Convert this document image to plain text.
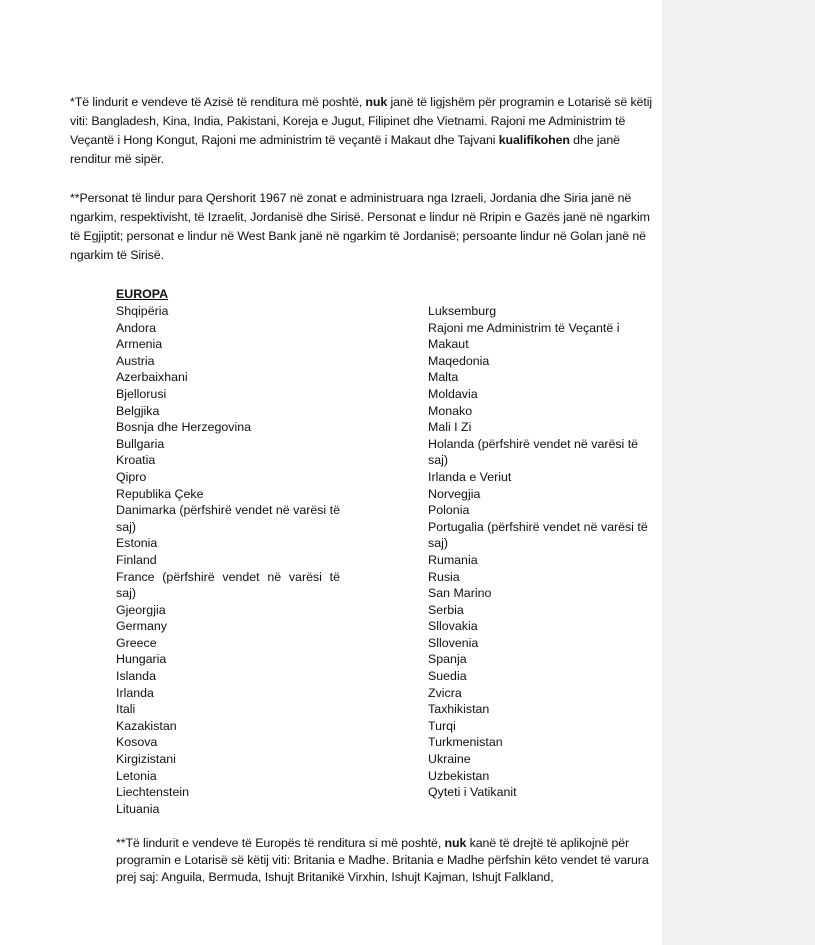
*Të lindurit e vendeve të Azisë të renditura më poshtë, nuk janë të ligjshëm për programin e Lotarisë së këtij viti: Bangladesh, Kina, India, Pakistani, Koreja e Jugut, Filipinet dhe Vietnami. Rajoni me Administrim të Veçantë i Hong Kongut, Rajoni me administrim të veçantë i Makaut dhe Tajvani kualifikohen dhe janë renditur më sipër.

**Personat të lindur para Qershorit 1967 në zonat e administruara nga Izraeli, Jordania dhe Siria janë në ngarkim, respektivisht, të Izraelit, Jordanisë dhe Sirisë. Personat e lindur në Rripin e Gazës janë në ngarkim të Egjiptit; personat e lindur në West Bank janë në ngarkim të Jordanisë; persoante lindur në Golan janë në ngarkim të Sirisë.

EUROPA

Shqipëria
Andora
Armenia
Austria
Azerbaixhani
Bjellorusi
Belgjika
Bosnja dhe Herzegovina
Bullgaria
Kroatia
Qipro
Republika Çeke
Danimarka (përfshirë vendet në varësi të saj)
Estonia
Finland
France (përfshirë vendet në varësi të saj)
Gjeorgjia
Germany
Greece
Hungaria
Islanda
Irlanda
Itali
Kazakistan
Kosova
Kirgizistani
Letonia
Liechtenstein
Lituania
Luksemburg
Rajoni me Administrim të Veçantë i Makaut
Maqedonia
Malta
Moldavia
Monako
Mali I Zi
Holanda (përfshirë vendet në varësi të saj)
Irlanda e Veriut
Norvegjia
Polonia
Portugalia (përfshirë vendet në varësi të saj)
Rumania
Rusia
San Marino
Serbia
Sllovakia
Sllovenia
Spanja
Suedia
Zvicra
Taxhikistan
Turqi
Turkmenistan
Ukraine
Uzbekistan
Qyteti i Vatikanit

**Të lindurit e vendeve të Europës të renditura si më poshtë, nuk kanë të drejtë të aplikojnë për programin e Lotarisë së këtij viti: Britania e Madhe. Britania e Madhe përfshin këto vendet të varura prej saj: Anguila, Bermuda, Ishujt Britanikë Virxhin, Ishujt Kajman, Ishujt Falkland,
